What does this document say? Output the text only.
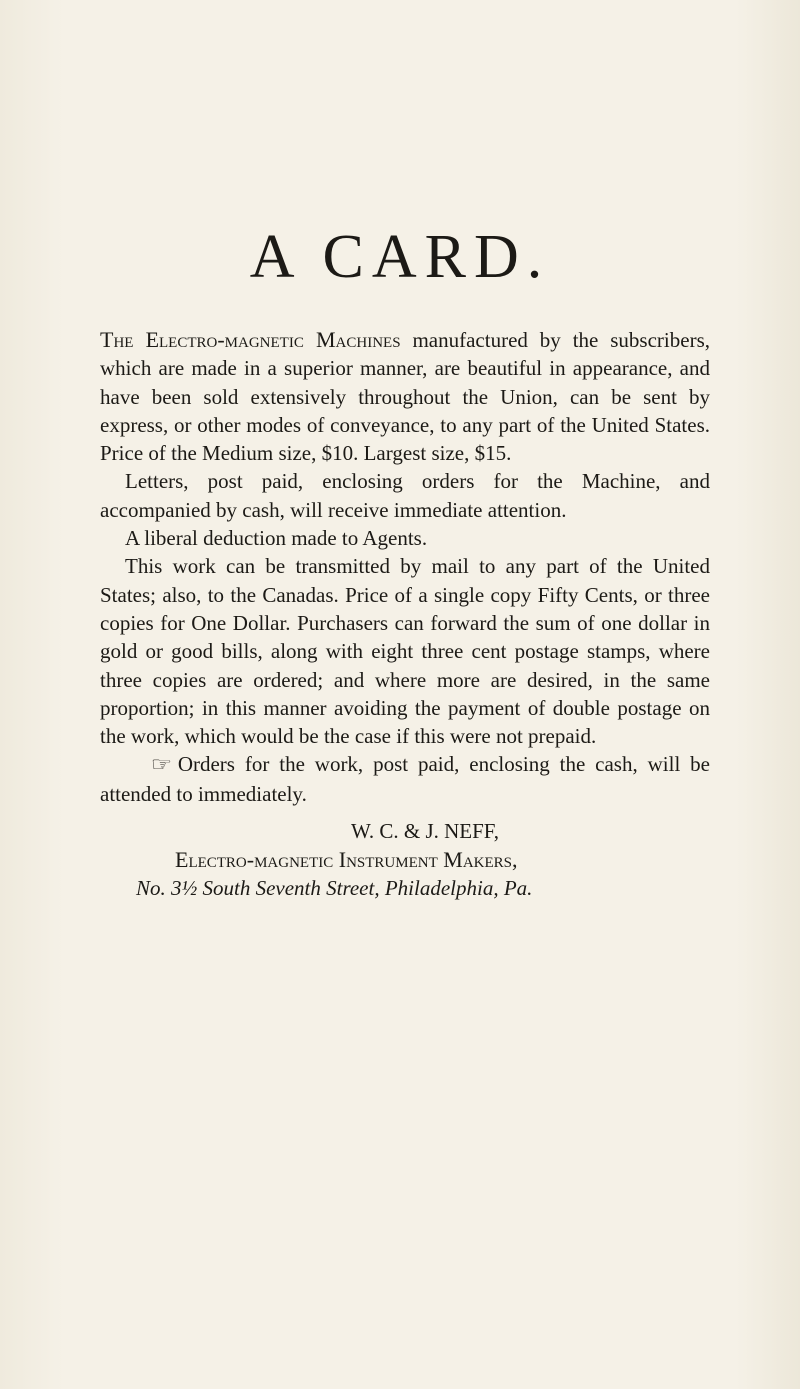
A CARD.

The Electro-magnetic Machines manufactured by the subscribers, which are made in a superior manner, are beautiful in appearance, and have been sold extensively throughout the Union, can be sent by express, or other modes of conveyance, to any part of the United States. Price of the Medium size, $10. Largest size, $15.

Letters, post paid, enclosing orders for the Machine, and accompanied by cash, will receive immediate attention.

A liberal deduction made to Agents.

This work can be transmitted by mail to any part of the United States; also, to the Canadas. Price of a single copy Fifty Cents, or three copies for One Dollar. Purchasers can forward the sum of one dollar in gold or good bills, along with eight three cent postage stamps, where three copies are ordered; and where more are desired, in the same proportion; in this manner avoiding the payment of double postage on the work, which would be the case if this were not prepaid.

☞ Orders for the work, post paid, enclosing the cash, will be attended to immediately.

W. C. & J. NEFF,

Electro-magnetic Instrument Makers,

No. 3½ South Seventh Street, Philadelphia, Pa.
